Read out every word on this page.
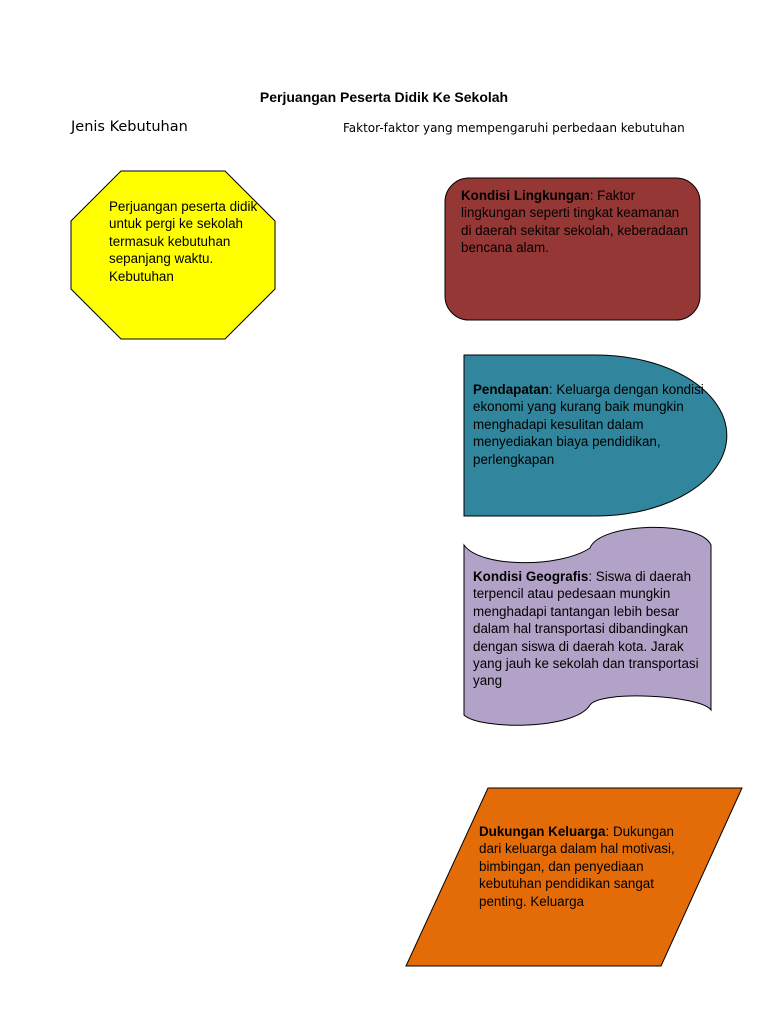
Perjuangan Peserta Didik Ke Sekolah
Jenis Kebutuhan	Faktor-faktor yang mempengaruhi perbedaan kebutuhan
Perjuangan peserta didik untuk pergi ke sekolah termasuk kebutuhan sepanjang waktu. Kebutuhan
Kondisi Lingkungan: Faktor lingkungan seperti tingkat keamanan di daerah sekitar sekolah, keberadaan bencana alam.
Pendapatan: Keluarga dengan kondisi ekonomi yang kurang baik mungkin menghadapi kesulitan dalam menyediakan biaya pendidikan, perlengkapan
Kondisi Geografis: Siswa di daerah terpencil atau pedesaan mungkin menghadapi tantangan lebih besar dalam hal transportasi dibandingkan dengan siswa di daerah kota. Jarak yang jauh ke sekolah dan transportasi yang
Dukungan Keluarga: Dukungan dari keluarga dalam hal motivasi, bimbingan, dan penyediaan kebutuhan pendidikan sangat penting. Keluarga
